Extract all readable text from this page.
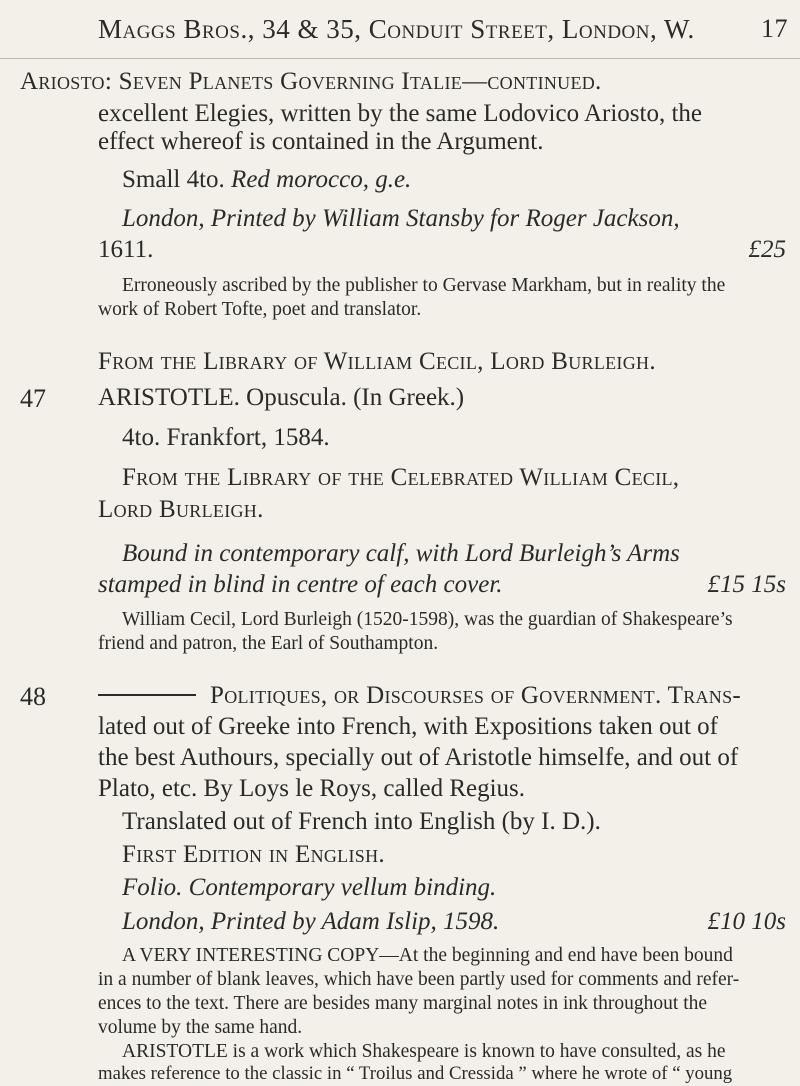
Maggs Bros., 34 & 35, Conduit Street, London, W.	17
Ariosto: Seven Planets Governing Italie—continued.
excellent Elegies, written by the same Lodovico Ariosto, the
effect whereof is contained in the Argument.
Small 4to. Red morocco, g.e.
London, Printed by William Stansby for Roger Jackson,
1611.	£25
Erroneously ascribed by the publisher to Gervase Markham, but in reality the
work of Robert Tofte, poet and translator.
From the Library of William Cecil, Lord Burleigh.
47 ARISTOTLE. Opuscula. (In Greek.)
4to. Frankfort, 1584.
From the Library of the Celebrated William Cecil,
Lord Burleigh.
Bound in contemporary calf, with Lord Burleigh’s Arms
stamped in blind in centre of each cover.	£15 15s
William Cecil, Lord Burleigh (1520-1598), was the guardian of Shakespeare’s
friend and patron, the Earl of Southampton.
48	Politiques, or Discourses of Government. Trans-
lated out of Greeke into French, with Expositions taken out of
the best Authours, specially out of Aristotle himselfe, and out of
Plato, etc. By Loys le Roys, called Regius.
Translated out of French into English (by I. D.).
First Edition in English.
Folio. Contemporary vellum binding.
London, Printed by Adam Islip, 1598.	£10 10s
A VERY INTERESTING COPY—At the beginning and end have been bound
in a number of blank leaves, which have been partly used for comments and refer-
ences to the text. There are besides many marginal notes in ink throughout the
volume by the same hand.
ARISTOTLE is a work which Shakespeare is known to have consulted, as he
makes reference to the classic in “ Troilus and Cressida ” where he wrote of “ young
